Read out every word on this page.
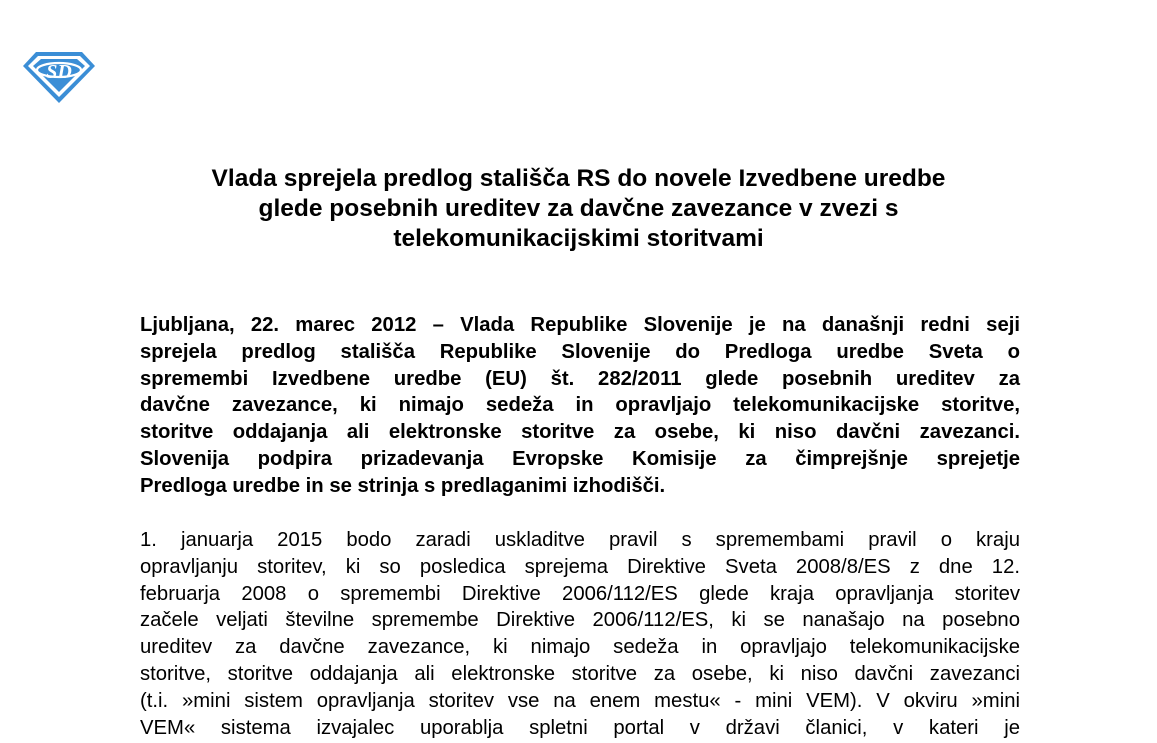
SD
Vlada sprejela predlog stališča RS do novele Izvedbene uredbe
glede posebnih ureditev za davčne zavezance v zvezi s
telekomunikacijskimi storitvami
Ljubljana, 22. marec 2012 – Vlada Republike Slovenije je na današnji redni seji
sprejela predlog stališča Republike Slovenije do Predloga uredbe Sveta o
spremembi Izvedbene uredbe (EU) št. 282/2011 glede posebnih ureditev za
davčne zavezance, ki nimajo sedeža in opravljajo telekomunikacijske storitve,
storitve oddajanja ali elektronske storitve za osebe, ki niso davčni zavezanci.
Slovenija podpira prizadevanja Evropske Komisije za čimprejšnje sprejetje
Predloga uredbe in se strinja s predlaganimi izhodišči.
1. januarja 2015 bodo zaradi uskladitve pravil s spremembami pravil o kraju
opravljanju storitev, ki so posledica sprejema Direktive Sveta 2008/8/ES z dne 12.
februarja 2008 o spremembi Direktive 2006/112/ES glede kraja opravljanja storitev
začele veljati številne spremembe Direktive 2006/112/ES, ki se nanašajo na posebno
ureditev za davčne zavezance, ki nimajo sedeža in opravljajo telekomunikacijske
storitve, storitve oddajanja ali elektronske storitve za osebe, ki niso davčni zavezanci
(t.i. »mini sistem opravljanja storitev vse na enem mestu« - mini VEM). V okviru »mini
VEM« sistema izvajalec uporablja spletni portal v državi članici, v kateri je
